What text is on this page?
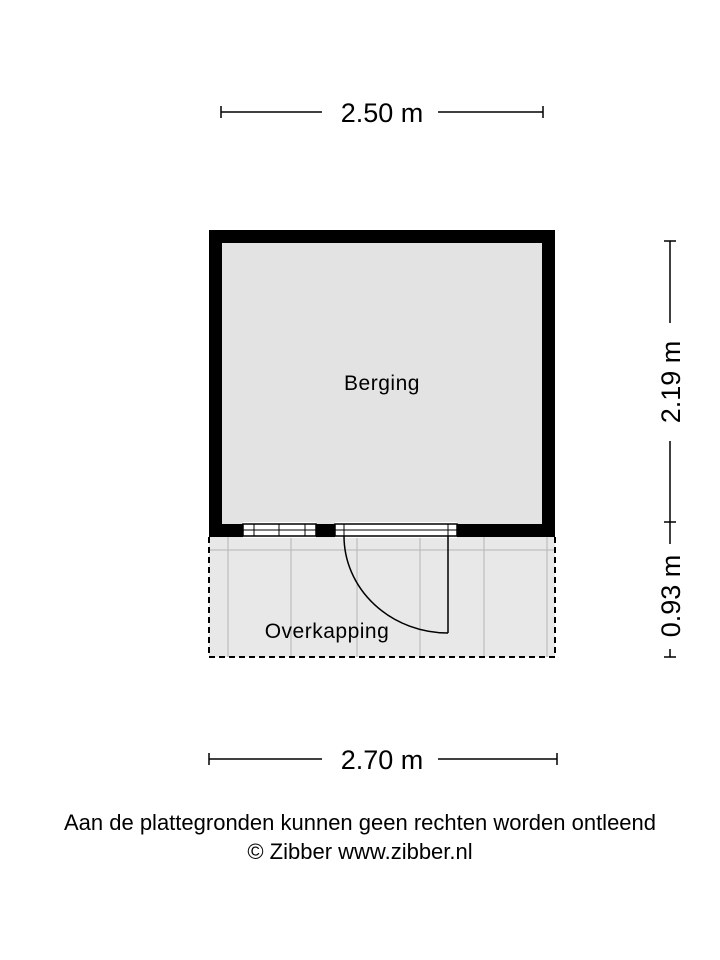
2.50 m
Berging
Overkapping
2.19 m
0.93 m
2.70 m
Aan de plattegronden kunnen geen rechten worden ontleend
© Zibber www.zibber.nl
